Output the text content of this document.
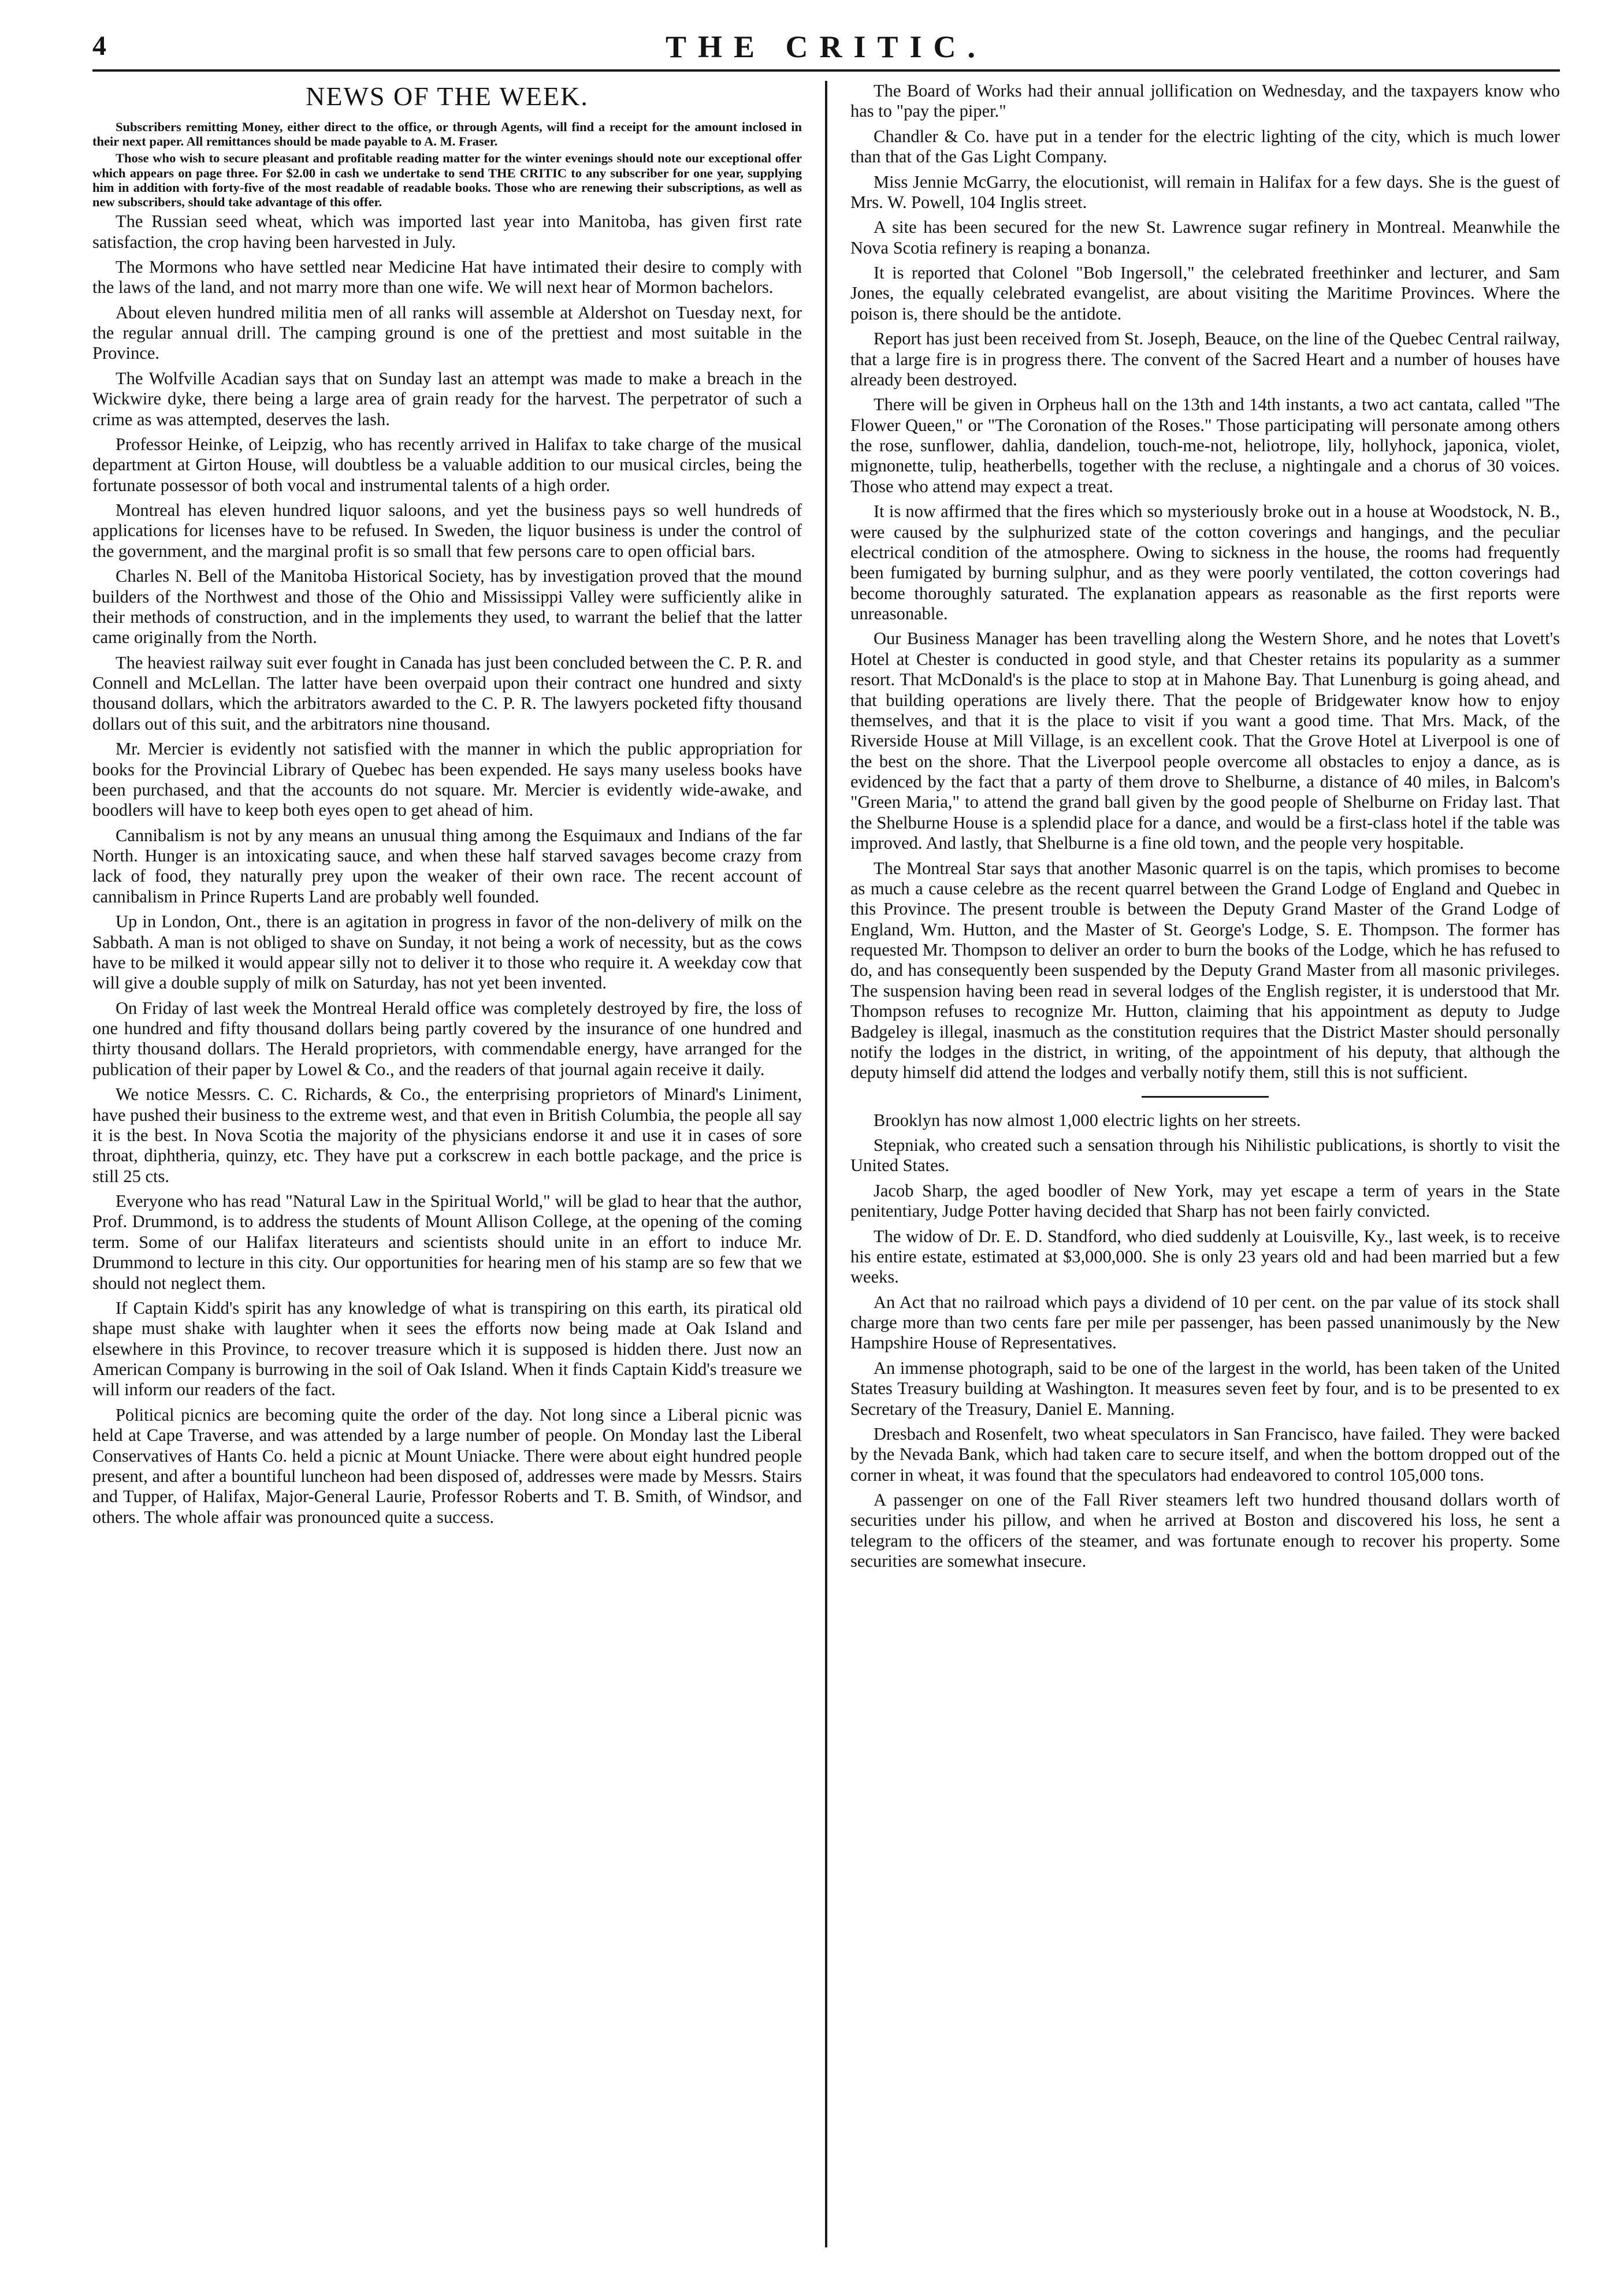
4	THE CRITIC.
NEWS OF THE WEEK.

Subscribers remitting Money, either direct to the office, or through Agents, will find a receipt for the amount inclosed in their next paper. All remittances should be made payable to A. M. Fraser.

Those who wish to secure pleasant and profitable reading matter for the winter evenings should note our exceptional offer which appears on page three. For $2.00 in cash we undertake to send THE CRITIC to any subscriber for one year, supplying him in addition with forty-five of the most readable of readable books. Those who are renewing their subscriptions, as well as new subscribers, should take advantage of this offer.

The Russian seed wheat, which was imported last year into Manitoba, has given first rate satisfaction, the crop having been harvested in July.

The Mormons who have settled near Medicine Hat have intimated their desire to comply with the laws of the land, and not marry more than one wife. We will next hear of Mormon bachelors.

About eleven hundred militia men of all ranks will assemble at Aldershot on Tuesday next, for the regular annual drill. The camping ground is one of the prettiest and most suitable in the Province.

The Wolfville Acadian says that on Sunday last an attempt was made to make a breach in the Wickwire dyke, there being a large area of grain ready for the harvest. The perpetrator of such a crime as was attempted, deserves the lash.

Professor Heinke, of Leipzig, who has recently arrived in Halifax to take charge of the musical department at Girton House, will doubtless be a valuable addition to our musical circles, being the fortunate possessor of both vocal and instrumental talents of a high order.

Montreal has eleven hundred liquor saloons, and yet the business pays so well hundreds of applications for licenses have to be refused. In Sweden, the liquor business is under the control of the government, and the marginal profit is so small that few persons care to open official bars.

Charles N. Bell of the Manitoba Historical Society, has by investigation proved that the mound builders of the Northwest and those of the Ohio and Mississippi Valley were sufficiently alike in their methods of construction, and in the implements they used, to warrant the belief that the latter came originally from the North.

The heaviest railway suit ever fought in Canada has just been concluded between the C. P. R. and Connell and McLellan. The latter have been overpaid upon their contract one hundred and sixty thousand dollars, which the arbitrators awarded to the C. P. R. The lawyers pocketed fifty thousand dollars out of this suit, and the arbitrators nine thousand.

Mr. Mercier is evidently not satisfied with the manner in which the public appropriation for books for the Provincial Library of Quebec has been expended. He says many useless books have been purchased, and that the accounts do not square. Mr. Mercier is evidently wide-awake, and boodlers will have to keep both eyes open to get ahead of him.

Cannibalism is not by any means an unusual thing among the Esquimaux and Indians of the far North. Hunger is an intoxicating sauce, and when these half starved savages become crazy from lack of food, they naturally prey upon the weaker of their own race. The recent account of cannibalism in Prince Ruperts Land are probably well founded.

Up in London, Ont., there is an agitation in progress in favor of the non-delivery of milk on the Sabbath. A man is not obliged to shave on Sunday, it not being a work of necessity, but as the cows have to be milked it would appear silly not to deliver it to those who require it. A weekday cow that will give a double supply of milk on Saturday, has not yet been invented.

On Friday of last week the Montreal Herald office was completely destroyed by fire, the loss of one hundred and fifty thousand dollars being partly covered by the insurance of one hundred and thirty thousand dollars. The Herald proprietors, with commendable energy, have arranged for the publication of their paper by Lowel & Co., and the readers of that journal again receive it daily.

We notice Messrs. C. C. Richards, & Co., the enterprising proprietors of Minard's Liniment, have pushed their business to the extreme west, and that even in British Columbia, the people all say it is the best. In Nova Scotia the majority of the physicians endorse it and use it in cases of sore throat, diphtheria, quinzy, etc. They have put a corkscrew in each bottle package, and the price is still 25 cts.

Everyone who has read "Natural Law in the Spiritual World," will be glad to hear that the author, Prof. Drummond, is to address the students of Mount Allison College, at the opening of the coming term. Some of our Halifax literateurs and scientists should unite in an effort to induce Mr. Drummond to lecture in this city. Our opportunities for hearing men of his stamp are so few that we should not neglect them.

If Captain Kidd's spirit has any knowledge of what is transpiring on this earth, its piratical old shape must shake with laughter when it sees the efforts now being made at Oak Island and elsewhere in this Province, to recover treasure which it is supposed is hidden there. Just now an American Company is burrowing in the soil of Oak Island. When it finds Captain Kidd's treasure we will inform our readers of the fact.

Political picnics are becoming quite the order of the day. Not long since a Liberal picnic was held at Cape Traverse, and was attended by a large number of people. On Monday last the Liberal Conservatives of Hants Co. held a picnic at Mount Uniacke. There were about eight hundred people present, and after a bountiful luncheon had been disposed of, addresses were made by Messrs. Stairs and Tupper, of Halifax, Major-General Laurie, Professor Roberts and T. B. Smith, of Windsor, and others. The whole affair was pronounced quite a success.

The Board of Works had their annual jollification on Wednesday, and the taxpayers know who has to "pay the piper."

Chandler & Co. have put in a tender for the electric lighting of the city, which is much lower than that of the Gas Light Company.

Miss Jennie McGarry, the elocutionist, will remain in Halifax for a few days. She is the guest of Mrs. W. Powell, 104 Inglis street.

A site has been secured for the new St. Lawrence sugar refinery in Montreal. Meanwhile the Nova Scotia refinery is reaping a bonanza.

It is reported that Colonel "Bob Ingersoll," the celebrated freethinker and lecturer, and Sam Jones, the equally celebrated evangelist, are about visiting the Maritime Provinces. Where the poison is, there should be the antidote.

Report has just been received from St. Joseph, Beauce, on the line of the Quebec Central railway, that a large fire is in progress there. The convent of the Sacred Heart and a number of houses have already been destroyed.

There will be given in Orpheus hall on the 13th and 14th instants, a two act cantata, called "The Flower Queen," or "The Coronation of the Roses." Those participating will personate among others the rose, sunflower, dahlia, dandelion, touch-me-not, heliotrope, lily, hollyhock, japonica, violet, mignonette, tulip, heatherbells, together with the recluse, a nightingale and a chorus of 30 voices. Those who attend may expect a treat.

It is now affirmed that the fires which so mysteriously broke out in a house at Woodstock, N. B., were caused by the sulphurized state of the cotton coverings and hangings, and the peculiar electrical condition of the atmosphere. Owing to sickness in the house, the rooms had frequently been fumigated by burning sulphur, and as they were poorly ventilated, the cotton coverings had become thoroughly saturated. The explanation appears as reasonable as the first reports were unreasonable.

Our Business Manager has been travelling along the Western Shore, and he notes that Lovett's Hotel at Chester is conducted in good style, and that Chester retains its popularity as a summer resort. That McDonald's is the place to stop at in Mahone Bay. That Lunenburg is going ahead, and that building operations are lively there. That the people of Bridgewater know how to enjoy themselves, and that it is the place to visit if you want a good time. That Mrs. Mack, of the Riverside House at Mill Village, is an excellent cook. That the Grove Hotel at Liverpool is one of the best on the shore. That the Liverpool people overcome all obstacles to enjoy a dance, as is evidenced by the fact that a party of them drove to Shelburne, a distance of 40 miles, in Balcom's "Green Maria," to attend the grand ball given by the good people of Shelburne on Friday last. That the Shelburne House is a splendid place for a dance, and would be a first-class hotel if the table was improved. And lastly, that Shelburne is a fine old town, and the people very hospitable.

The Montreal Star says that another Masonic quarrel is on the tapis, which promises to become as much a cause celebre as the recent quarrel between the Grand Lodge of England and Quebec in this Province. The present trouble is between the Deputy Grand Master of the Grand Lodge of England, Wm. Hutton, and the Master of St. George's Lodge, S. E. Thompson. The former has requested Mr. Thompson to deliver an order to burn the books of the Lodge, which he has refused to do, and has consequently been suspended by the Deputy Grand Master from all masonic privileges. The suspension having been read in several lodges of the English register, it is understood that Mr. Thompson refuses to recognize Mr. Hutton, claiming that his appointment as deputy to Judge Badgeley is illegal, inasmuch as the constitution requires that the District Master should personally notify the lodges in the district, in writing, of the appointment of his deputy, that although the deputy himself did attend the lodges and verbally notify them, still this is not sufficient.

Brooklyn has now almost 1,000 electric lights on her streets.

Stepniak, who created such a sensation through his Nihilistic publications, is shortly to visit the United States.

Jacob Sharp, the aged boodler of New York, may yet escape a term of years in the State penitentiary, Judge Potter having decided that Sharp has not been fairly convicted.

The widow of Dr. E. D. Standford, who died suddenly at Louisville, Ky., last week, is to receive his entire estate, estimated at $3,000,000. She is only 23 years old and had been married but a few weeks.

An Act that no railroad which pays a dividend of 10 per cent. on the par value of its stock shall charge more than two cents fare per mile per passenger, has been passed unanimously by the New Hampshire House of Representatives.

An immense photograph, said to be one of the largest in the world, has been taken of the United States Treasury building at Washington. It measures seven feet by four, and is to be presented to ex Secretary of the Treasury, Daniel E. Manning.

Dresbach and Rosenfelt, two wheat speculators in San Francisco, have failed. They were backed by the Nevada Bank, which had taken care to secure itself, and when the bottom dropped out of the corner in wheat, it was found that the speculators had endeavored to control 105,000 tons.

A passenger on one of the Fall River steamers left two hundred thousand dollars worth of securities under his pillow, and when he arrived at Boston and discovered his loss, he sent a telegram to the officers of the steamer, and was fortunate enough to recover his property. Some securities are somewhat insecure.
